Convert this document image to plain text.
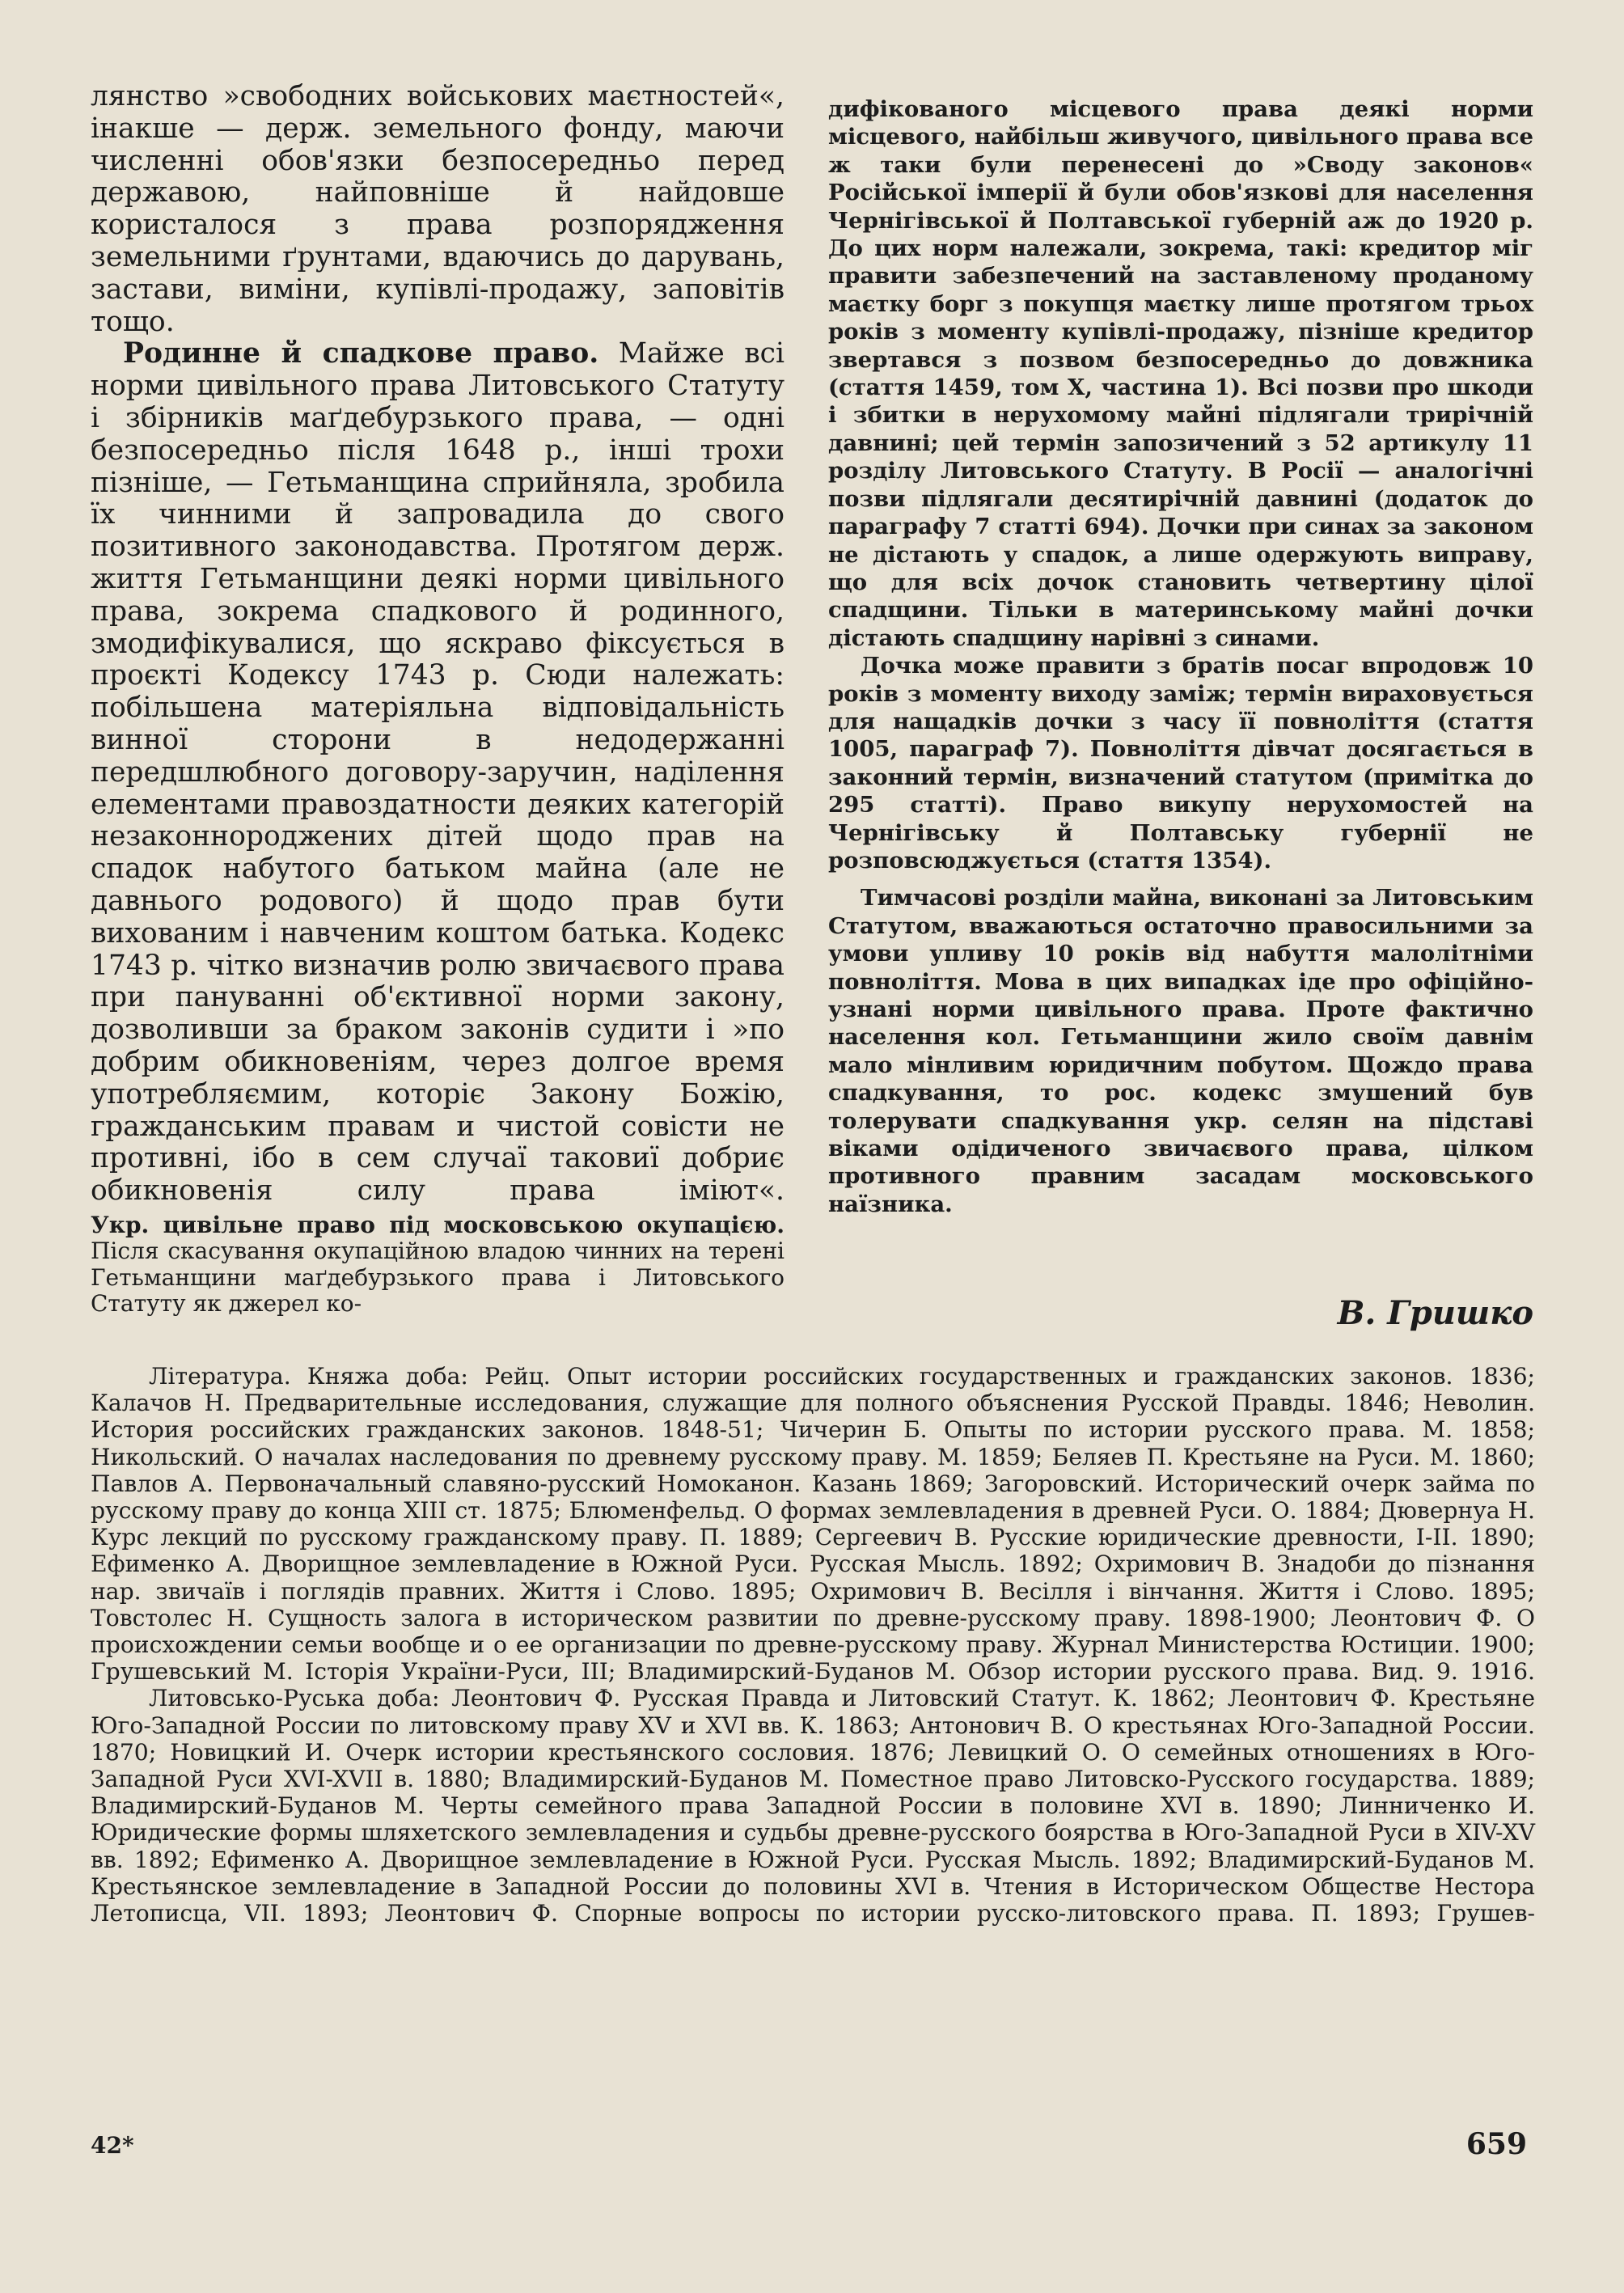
лянство »свобoдних войськових маєтностей«, інакше — держ. земельного фонду, маючи численні обов'язки безпосередньо перед державою, найповніше й найдовше користалося з права розпорядження земельними ґрунтами, вдаючись до дарувань, застави, виміни, купівлі-продажу, заповітів тощо.

Родинне й спадкове право. Майже всі норми цивільного права Литовського Статуту і збірників маґдебурзького права, — одні безпосередньо після 1648 р., інші трохи пізніше, — Гетьманщина сприйняла, зробила їх чинними й запровадила до свого позитивного законодавства. Протягом держ. життя Гетьманщини деякі норми цивільного права, зокрема спадкового й родинного, змодифікувалися, що яскраво фіксується в проєкті Кодексу 1743 р. Сюди належать: побільшена матеріяльна відповідальність винної сторони в недодержанні передшлюбного договору-заручин, наділення елементами правоздатности деяких категорій незаконнороджених дітей щодо прав на спадок набутого батьком майна (але не давнього родового) й щодо прав бути вихованим і навченим коштом батька. Кодекс 1743 р. чітко визначив ролю звичаєвого права при пануванні об'єктивної норми закону, дозволивши за браком законів судити і »по добрим обикновеніям, через долгое время употребляємим, которіє Закону Божію, гражданським правам и чистой совісти не противні, ібо в сем случаї таковиї добриє обикновенія силу права іміют«.

Укр. цивільне право під московською окупацією. Після скасування окупаційною владою чинних на терені Гетьманщини маґдебурзького права і Литовського Статуту як джерел ко-

дифікованого місцевого права деякі норми місцевого, найбільш живучого, цивільного права все ж таки були перенесені до »Своду законов« Російської імперії й були обов'язкові для населення Чернігівської й Полтавської губерній аж до 1920 р. До цих норм належали, зокрема, такі: кредитор міг правити забезпечений на заставленому проданому маєтку борг з покупця маєтку лише протягом трьох років з моменту купівлі-продажу, пізніше кредитор звертався з позвом безпосередньо до довжника (стаття 1459, том X, частина 1). Всі позви про шкоди і збитки в нерухомому майні підлягали трирічній давнині; цей термін запозичений з 52 артикулу 11 розділу Литовського Статуту. В Росії — аналогічні позви підлягали десятирічній давнині (додаток до параграфу 7 статті 694). Дочки при синах за законом не дістають у спадок, а лише одержують виправу, що для всіх дочок становить четвертину цілої спадщини. Тільки в материнському майні дочки дістають спадщину нарівні з синами.

Дочка може правити з братів посаг впродовж 10 років з моменту виходу заміж; термін вираховується для нащадків дочки з часу її повноліття (стаття 1005, параграф 7). Повноліття дівчат досягається в законний термін, визначений статутом (примітка до 295 статті). Право викупу нерухомостей на Чернігівську й Полтавську губернії не розповсюджується (стаття 1354).

Тимчасові розділи майна, виконані за Литовським Статутом, вважаються остаточно правосильними за умови упливу 10 років від набуття малолітніми повноліття. Мова в цих випадках іде про офіційно-узнані норми цивільного права. Проте фактично населення кол. Гетьманщини жило своїм давнім мало мінливим юридичним побутом. Щождо права спадкування, то рос. кодекс змушений був толерувати спадкування укр. селян на підставі віками одідиченого звичаєвого права, цілком противного правним засадам московського наїзника.

В. Гришко

Література. Княжа доба: Рейц. Опыт истории российских государственных и гражданских законов. 1836; Калачов Н. Предварительные исследования, служащие для полного объяснения Русской Правды. 1846; Неволин. История российских гражданских законов. 1848-51; Чичерин Б. Опыты по истории русского права. М. 1858; Никольский. О началах наследования по древнему русскому праву. М. 1859; Беляев П. Крестьяне на Руси. М. 1860; Павлов А. Первоначальный славяно-русский Номоканон. Казань 1869; Загоровский. Исторический очерк займа по русскому праву до конца XIII ст. 1875; Блюменфельд. О формах землевладения в древней Руси. О. 1884; Дювернуа Н. Курс лекций по русскому гражданскому праву. П. 1889; Сергеевич В. Русские юридические древности, I-II. 1890; Ефименко А. Дворищное землевладение в Южной Руси. Русская Мысль. 1892; Охримович В. Знадоби до пізнання нар. звичаїв і поглядів правних. Життя і Слово. 1895; Охримович В. Весілля і вінчання. Життя і Слово. 1895; Товстолес Н. Сущность залога в историческом развитии по древне-русскому праву. 1898-1900; Леонтович Ф. О происхождении семьи вообще и о ее организации по древне-русскому праву. Журнал Министерства Юстиции. 1900; Грушевський М. Історія України-Руси, III; Владимирский-Буданов М. Обзор истории русского права. Вид. 9. 1916.

Литовсько-Руська доба: Леонтович Ф. Русская Правда и Литовский Статут. К. 1862; Леонтович Ф. Крестьяне Юго-Западной России по литовскому праву XV и XVI вв. К. 1863; Антонович В. О крестьянах Юго-Западной России. 1870; Новицкий И. Очерк истории крестьянского сословия. 1876; Левицкий О. О семейных отношениях в Юго-Западной Руси XVI-XVII в. 1880; Владимирский-Буданов М. Поместное право Литовско-Русского государства. 1889; Владимирский-Буданов М. Черты семейного права Западной России в половине XVI в. 1890; Линниченко И. Юридические формы шляхетского землевладения и судьбы древне-русского боярства в Юго-Западной Руси в XIV-XV вв. 1892; Ефименко А. Дворищное землевладение в Южной Руси. Русская Мысль. 1892; Владимирский-Буданов М. Крестьянское землевладение в Западной России до половины XVI в. Чтения в Историческом Обществе Нестора Летописца, VII. 1893; Леонтович Ф. Спорные вопросы по истории русско-литовского права. П. 1893; Грушев-

42*	659
